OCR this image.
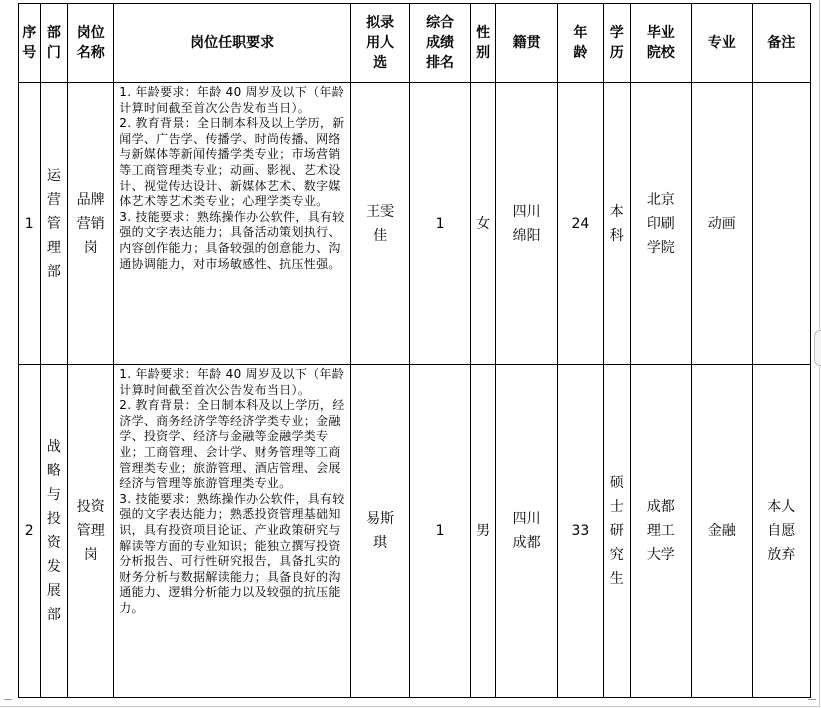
序号	部门	岗位名称	岗位任职要求	拟录用人选	综合成绩排名	性别	籍贯	年龄	学历	毕业院校	专业	备注
1	运营管理部	品牌营销岗	1. 年龄要求：年龄 40 周岁及以下（年龄计算时间截至首次公告发布当日）。
2. 教育背景：全日制本科及以上学历，新闻学、广告学、传播学、时尚传播、网络与新媒体等新闻传播学类专业；市场营销等工商管理类专业；动画、影视、艺术设计、视觉传达设计、新媒体艺术、数字媒体艺术等艺术类专业；心理学类专业。
3. 技能要求：熟练操作办公软件，具有较强的文字表达能力；具备活动策划执行、内容创作能力；具备较强的创意能力、沟通协调能力，对市场敏感性、抗压性强。	王雯佳	1	女	四川绵阳	24	本科	北京印刷学院	动画	

2	战略与投资发展部	投资管理岗	1. 年龄要求：年龄 40 周岁及以下（年龄计算时间截至首次公告发布当日）。
2. 教育背景：全日制本科及以上学历，经济学、商务经济学等经济学类专业；金融学、投资学、经济与金融等金融学类专业；工商管理、会计学、财务管理等工商管理类专业；旅游管理、酒店管理、会展经济与管理等旅游管理类专业。
3. 技能要求：熟练操作办公软件，具有较强的文字表达能力；熟悉投资管理基础知识，具有投资项目论证、产业政策研究与解读等方面的专业知识；能独立撰写投资分析报告、可行性研究报告，具备扎实的财务分析与数据解读能力；具备良好的沟通能力、逻辑分析能力以及较强的抗压能力。	易斯琪	1	男	四川成都	33	硕士研究生	成都理工大学	金融	本人自愿放弃
